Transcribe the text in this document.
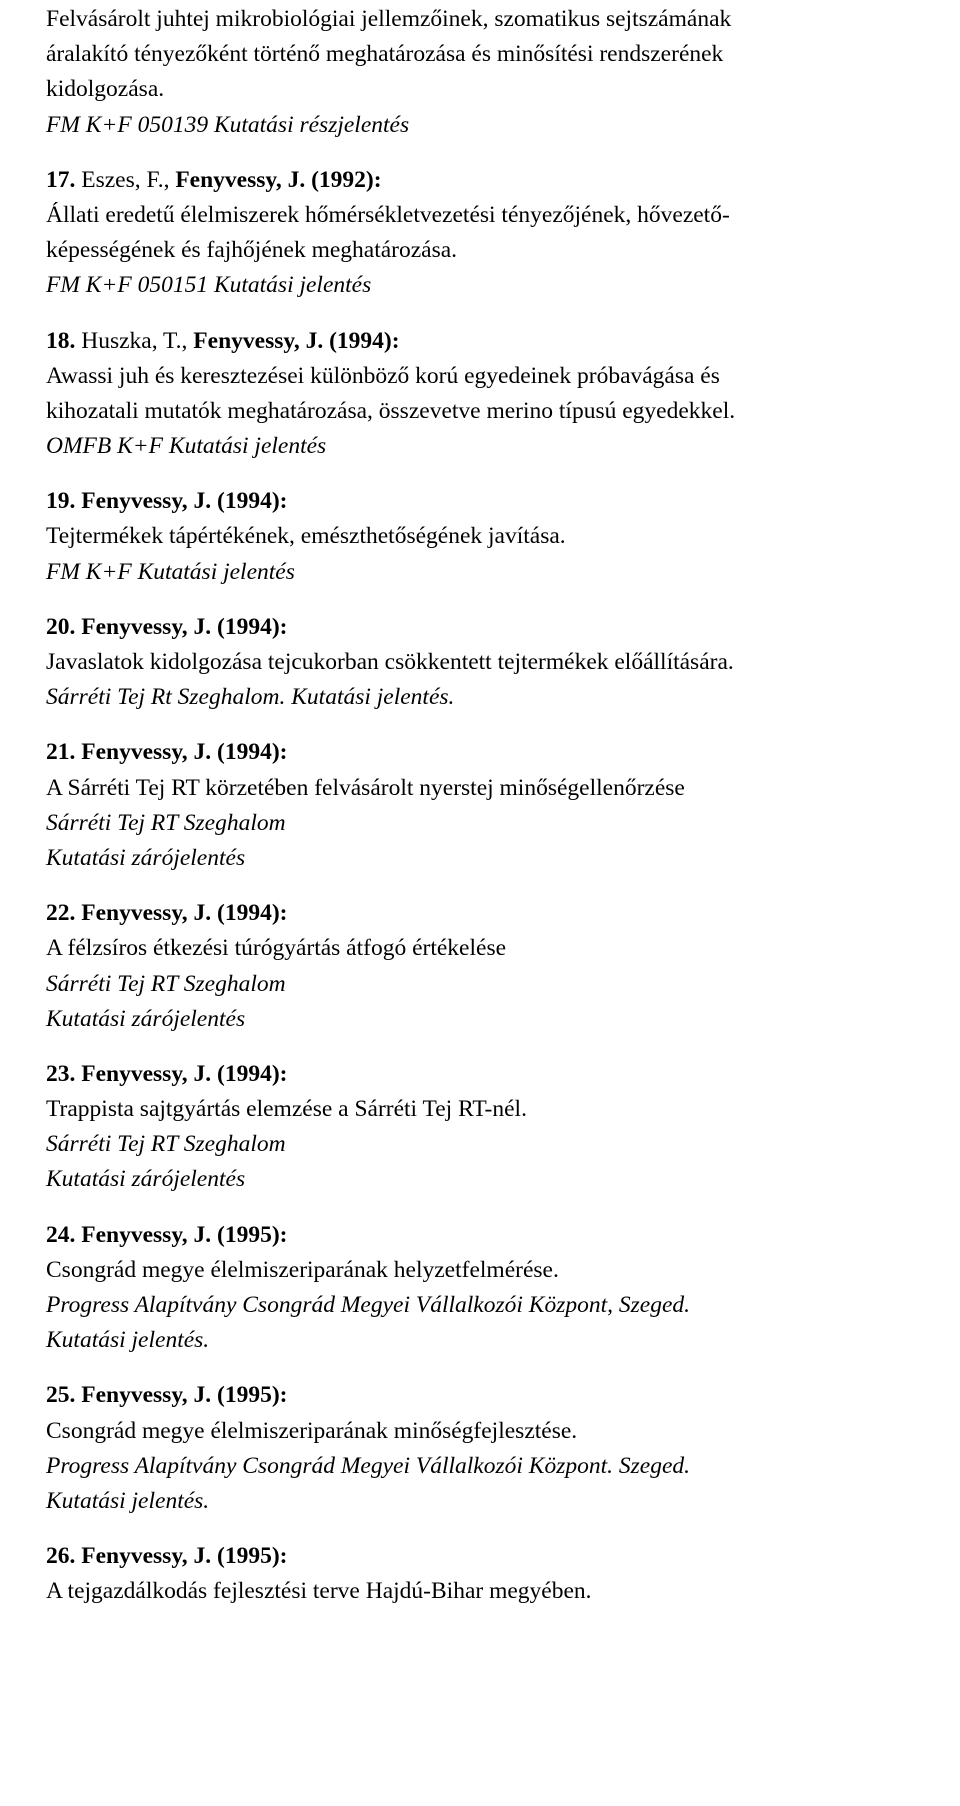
Felvásárolt juhtej mikrobiológiai jellemzőinek, szomatikus sejtszámának
áralakító tényezőként történő meghatározása és minősítési rendszerének
kidolgozása.
FM K+F 050139 Kutatási részjelentés
17. Eszes, F., Fenyvessy, J. (1992):
Állati eredetű élelmiszerek hőmérsékletvezetési tényezőjének, hővezető-
képességének és fajhőjének meghatározása.
FM K+F 050151 Kutatási jelentés
18. Huszka, T., Fenyvessy, J. (1994):
Awassi juh és keresztezései különböző korú egyedeinek próbavágása és
kihozatali mutatók meghatározása, összevetve merino típusú egyedekkel.
OMFB K+F Kutatási jelentés
19. Fenyvessy, J. (1994):
Tejtermékek tápértékének, emészthetőségének javítása.
FM K+F Kutatási jelentés
20. Fenyvessy, J. (1994):
Javaslatok kidolgozása tejcukorban csökkentett tejtermékek előállítására.
Sárréti Tej Rt Szeghalom. Kutatási jelentés.
21. Fenyvessy, J. (1994):
A Sárréti Tej RT körzetében felvásárolt nyerstej minőségellenőrzése
Sárréti Tej RT Szeghalom
Kutatási zárójelentés
22. Fenyvessy, J. (1994):
A félzsíros étkezési túrógyártás átfogó értékelése
Sárréti Tej RT Szeghalom
Kutatási zárójelentés
23. Fenyvessy, J. (1994):
Trappista sajtgyártás elemzése a Sárréti Tej RT-nél.
Sárréti Tej RT Szeghalom
Kutatási zárójelentés
24. Fenyvessy, J. (1995):
Csongrád megye élelmiszeriparának helyzetfelmérése.
Progress Alapítvány Csongrád Megyei Vállalkozói Központ, Szeged.
Kutatási jelentés.
25. Fenyvessy, J. (1995):
Csongrád megye élelmiszeriparának minőségfejlesztése.
Progress Alapítvány Csongrád Megyei Vállalkozói Központ. Szeged.
Kutatási jelentés.
26. Fenyvessy, J. (1995):
A tejgazdálkodás fejlesztési terve Hajdú-Bihar megyében.
